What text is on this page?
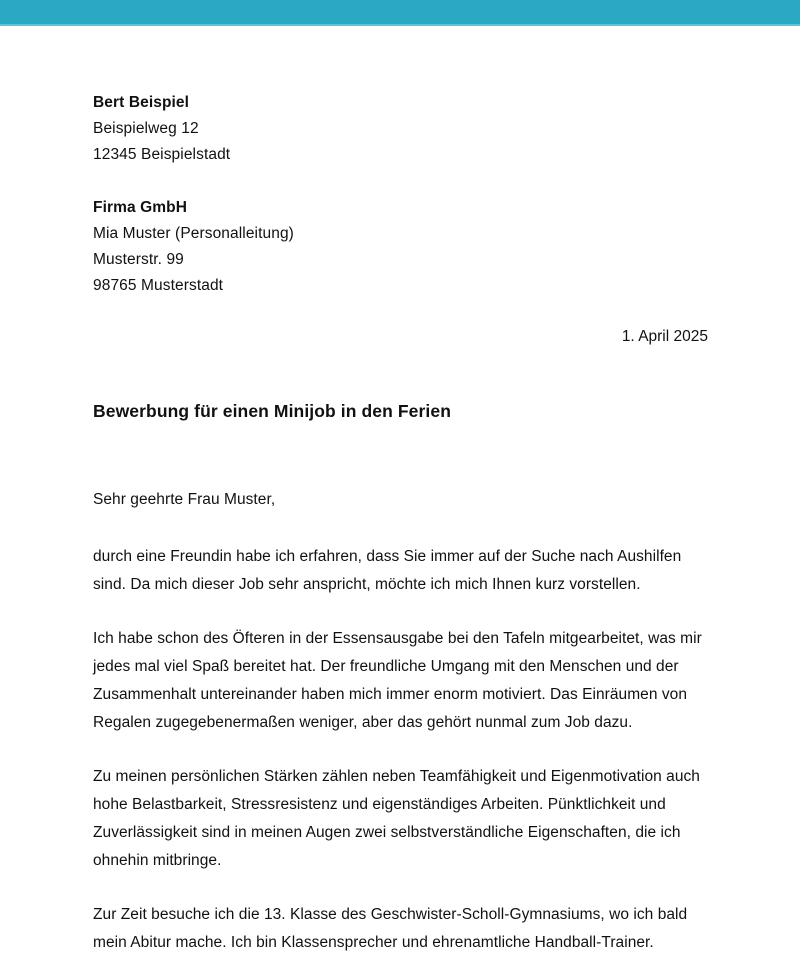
Bert Beispiel
Beispielweg 12
12345 Beispielstadt
Firma GmbH
Mia Muster (Personalleitung)
Musterstr. 99
98765 Musterstadt
1. April 2025
Bewerbung für einen Minijob in den Ferien

Sehr geehrte Frau Muster,

durch eine Freundin habe ich erfahren, dass Sie immer auf der Suche nach Aushilfen sind. Da mich dieser Job sehr anspricht, möchte ich mich Ihnen kurz vorstellen.

Ich habe schon des Öfteren in der Essensausgabe bei den Tafeln mitgearbeitet, was mir jedes mal viel Spaß bereitet hat. Der freundliche Umgang mit den Menschen und der Zusammenhalt untereinander haben mich immer enorm motiviert. Das Einräumen von Regalen zugegebenermaßen weniger, aber das gehört nunmal zum Job dazu.

Zu meinen persönlichen Stärken zählen neben Teamfähigkeit und Eigenmotivation auch hohe Belastbarkeit, Stressresistenz und eigenständiges Arbeiten. Pünktlichkeit und Zuverlässigkeit sind in meinen Augen zwei selbstverständliche Eigenschaften, die ich ohnehin mitbringe.

Zur Zeit besuche ich die 13. Klasse des Geschwister-Scholl-Gymnasiums, wo ich bald mein Abitur mache. Ich bin Klassensprecher und ehrenamtliche Handball-Trainer.
